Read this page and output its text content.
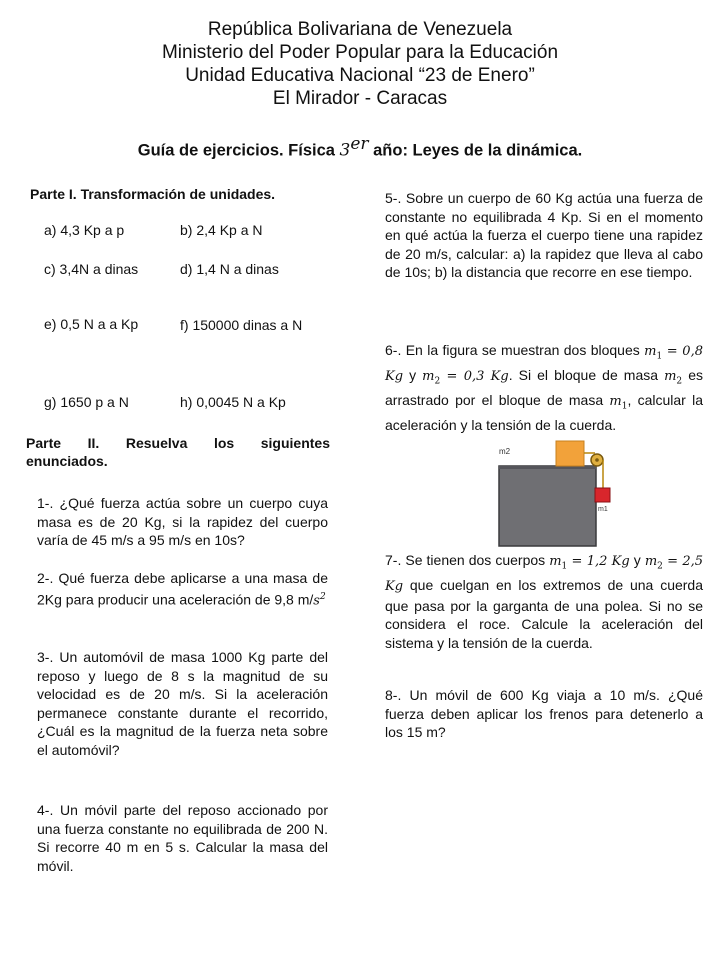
República Bolivariana de Venezuela
Ministerio del Poder Popular para la Educación
Unidad Educativa Nacional “23 de Enero”
El Mirador - Caracas
Guía de ejercicios. Física 3er año: Leyes de la dinámica.
Parte I. Transformación de unidades.
a) 4,3 Kp a p	b) 2,4 Kp a N
c) 3,4N a dinas	d) 1,4 N a dinas
e) 0,5 N a a Kp	f) 150000 dinas a N
g) 1650 p a N	h) 0,0045 N a Kp
Parte II. Resuelva los siguientes
enunciados.
1-. ¿Qué fuerza actúa sobre un cuerpo cuya masa es de 20 Kg, si la rapidez del cuerpo varía de 45 m/s a 95 m/s en 10s?
2-. Qué fuerza debe aplicarse a una masa de 2Kg para producir una aceleración de 9,8 $m/s^2$
3-. Un automóvil de masa 1000 Kg parte del reposo y luego de 8 s la magnitud de su velocidad es de 20 m/s. Si la aceleración permanece constante durante el recorrido, ¿Cuál es la magnitud de la fuerza neta sobre el automóvil?
4-. Un móvil parte del reposo accionado por una fuerza constante no equilibrada de 200 N. Si recorre 40 m en 5 s. Calcular la masa del móvil.
5-. Sobre un cuerpo de 60 Kg actúa una fuerza de constante no equilibrada 4 Kp. Si en el momento en qué actúa la fuerza el cuerpo tiene una rapidez de 20 m/s, calcular: a) la rapidez que lleva al cabo de 10s; b) la distancia que recorre en ese tiempo.
6-. En la figura se muestran dos bloques $m_1 = 0,8$ Kg y $m_2 = 0,3$ Kg. Si el bloque de masa $m_2$ es arrastrado por el bloque de masa $m_1$, calcular la aceleración y la tensión de la cuerda.
m2
m1
7-. Se tienen dos cuerpos $m_1 = 1,2$ Kg y $m_2 = 2,5$ Kg que cuelgan en los extremos de una cuerda que pasa por la garganta de una polea. Si no se considera el roce. Calcule la aceleración del sistema y la tensión de la cuerda.
8-. Un móvil de 600 Kg viaja a 10 m/s. ¿Qué fuerza deben aplicar los frenos para detenerlo a los 15 m?
